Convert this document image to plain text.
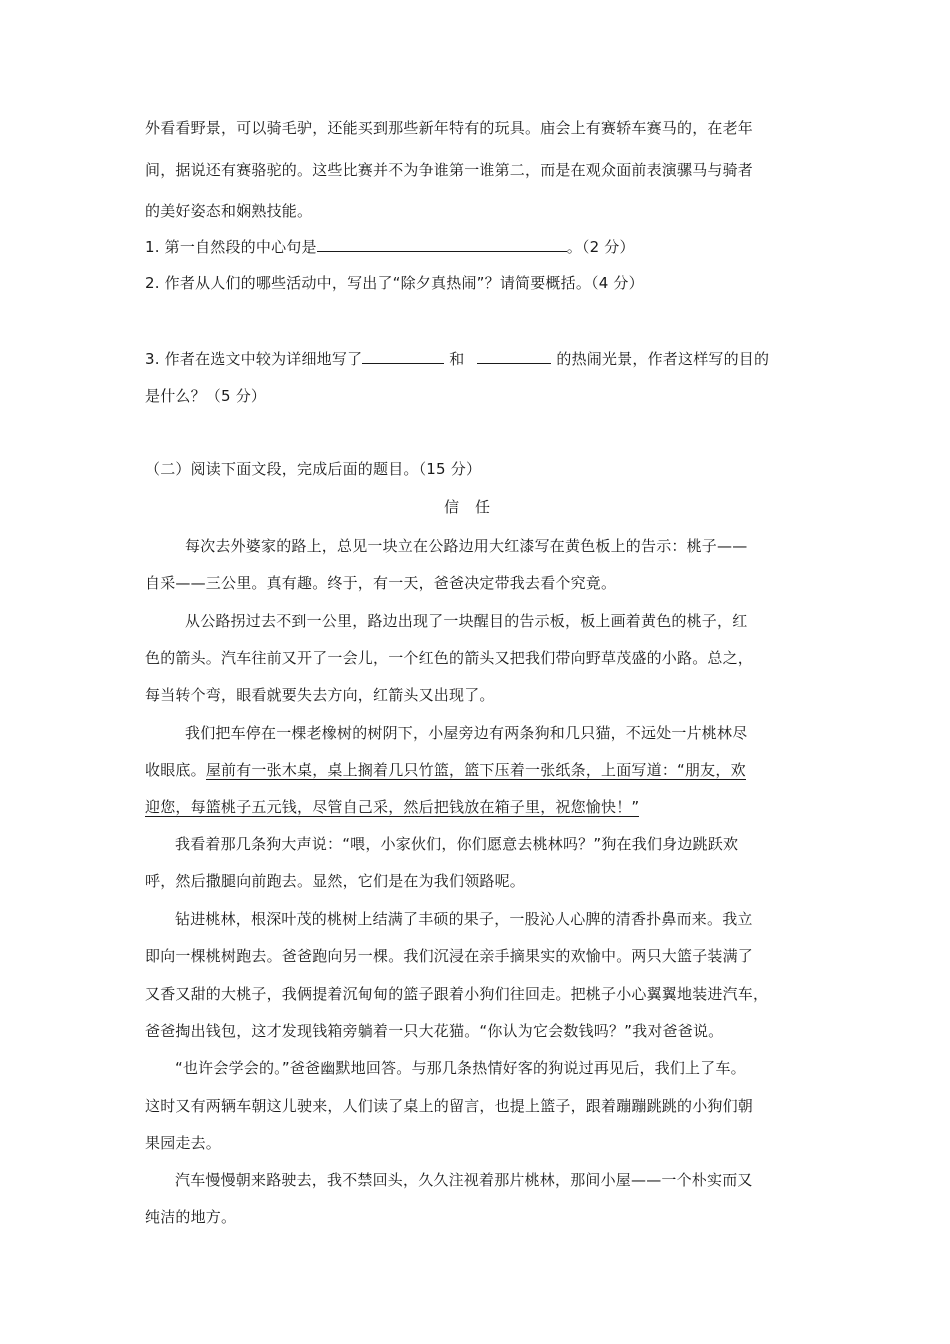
外看看野景，可以骑毛驴，还能买到那些新年特有的玩具。庙会上有赛轿车赛马的，在老年
间，据说还有赛骆驼的。这些比赛并不为争谁第一谁第二，而是在观众面前表演骡马与骑者
的美好姿态和娴熟技能。
1. 第一自然段的中心句是	。（2 分）
2. 作者从人们的哪些活动中，写出了“除夕真热闹”？请简要概括。（4 分）
3. 作者在选文中较为详细地写了	和	的热闹光景，作者这样写的目的
是什么？（5 分）
（二）阅读下面文段，完成后面的题目。（15 分）
信任
每次去外婆家的路上，总见一块立在公路边用大红漆写在黄色板上的告示：桃子——
自采——三公里。真有趣。终于，有一天，爸爸决定带我去看个究竟。
从公路拐过去不到一公里，路边出现了一块醒目的告示板，板上画着黄色的桃子，红
色的箭头。汽车往前又开了一会儿，一个红色的箭头又把我们带向野草茂盛的小路。总之，
每当转个弯，眼看就要失去方向，红箭头又出现了。
我们把车停在一棵老橡树的树阴下，小屋旁边有两条狗和几只猫，不远处一片桃林尽
收眼底。屋前有一张木桌，桌上搁着几只竹篮，篮下压着一张纸条，上面写道：“朋友，欢
迎您，每篮桃子五元钱，尽管自己采，然后把钱放在箱子里，祝您愉快！”
我看着那几条狗大声说：“喂，小家伙们，你们愿意去桃林吗？”狗在我们身边跳跃欢
呼，然后撒腿向前跑去。显然，它们是在为我们领路呢。
钻进桃林，根深叶茂的桃树上结满了丰硕的果子，一股沁人心脾的清香扑鼻而来。我立
即向一棵桃树跑去。爸爸跑向另一棵。我们沉浸在亲手摘果实的欢愉中。两只大篮子装满了
又香又甜的大桃子，我俩提着沉甸甸的篮子跟着小狗们往回走。把桃子小心翼翼地装进汽车，
爸爸掏出钱包，这才发现钱箱旁躺着一只大花猫。“你认为它会数钱吗？”我对爸爸说。
“也许会学会的。”爸爸幽默地回答。与那几条热情好客的狗说过再见后，我们上了车。
这时又有两辆车朝这儿驶来，人们读了桌上的留言，也提上篮子，跟着蹦蹦跳跳的小狗们朝
果园走去。
汽车慢慢朝来路驶去，我不禁回头，久久注视着那片桃林，那间小屋——一个朴实而又
纯洁的地方。
